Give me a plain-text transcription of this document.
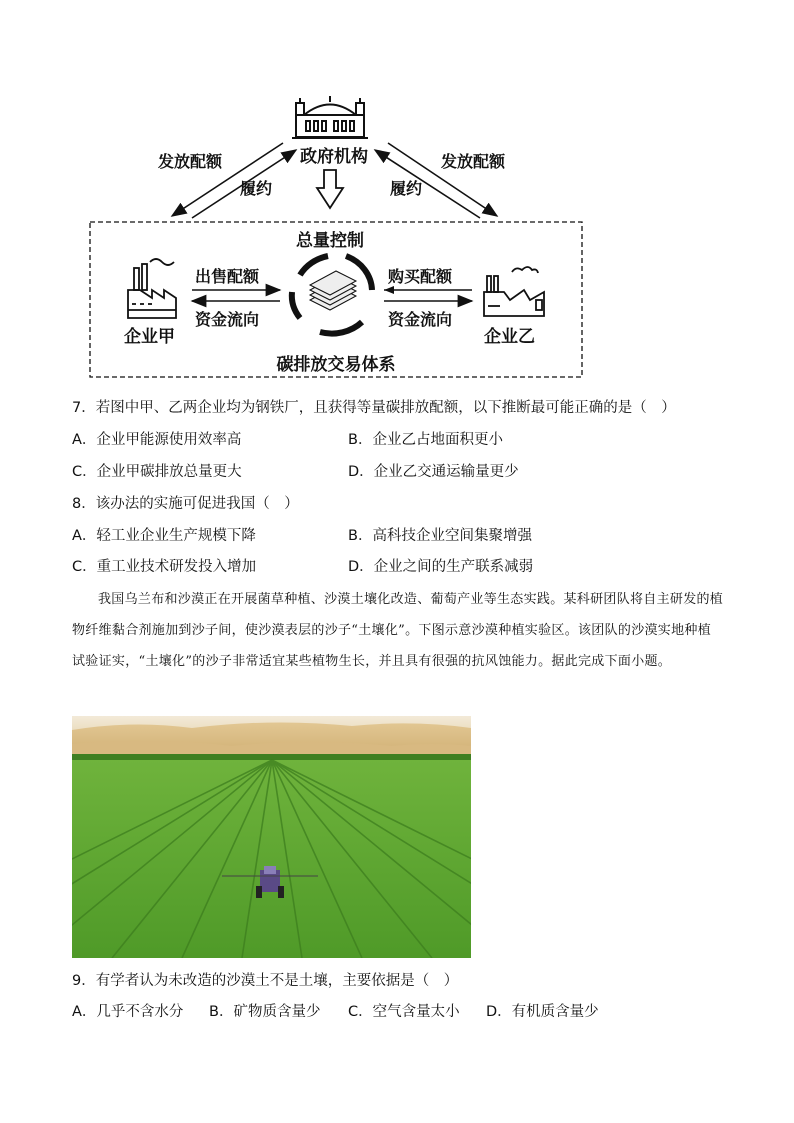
政府机构
发放配额
履约
发放配额
履约
总量控制
企业甲	企业乙
出售配额
资金流向
购买配额
资金流向
碳排放交易体系
7．若图中甲、乙两企业均为钢铁厂，且获得等量碳排放配额，以下推断最可能正确的是（　）
A．企业甲能源使用效率高	B．企业乙占地面积更小
C．企业甲碳排放总量更大	D．企业乙交通运输量更少
8．该办法的实施可促进我国（　）
A．轻工业企业生产规模下降	B．高科技企业空间集聚增强
C．重工业技术研发投入增加	D．企业之间的生产联系减弱
我国乌兰布和沙漠正在开展菌草种植、沙漠土壤化改造、葡萄产业等生态实践。某科研团队将自主研发的植物纤维黏合剂施加到沙子间，使沙漠表层的沙子“土壤化”。下图示意沙漠种植实验区。该团队的沙漠实地种植试验证实，“土壤化”的沙子非常适宜某些植物生长，并且具有很强的抗风蚀能力。据此完成下面小题。
9．有学者认为未改造的沙漠土不是土壤，主要依据是（　）
A．几乎不含水分 B．矿物质含量少 C．空气含量太小 D．有机质含量少
